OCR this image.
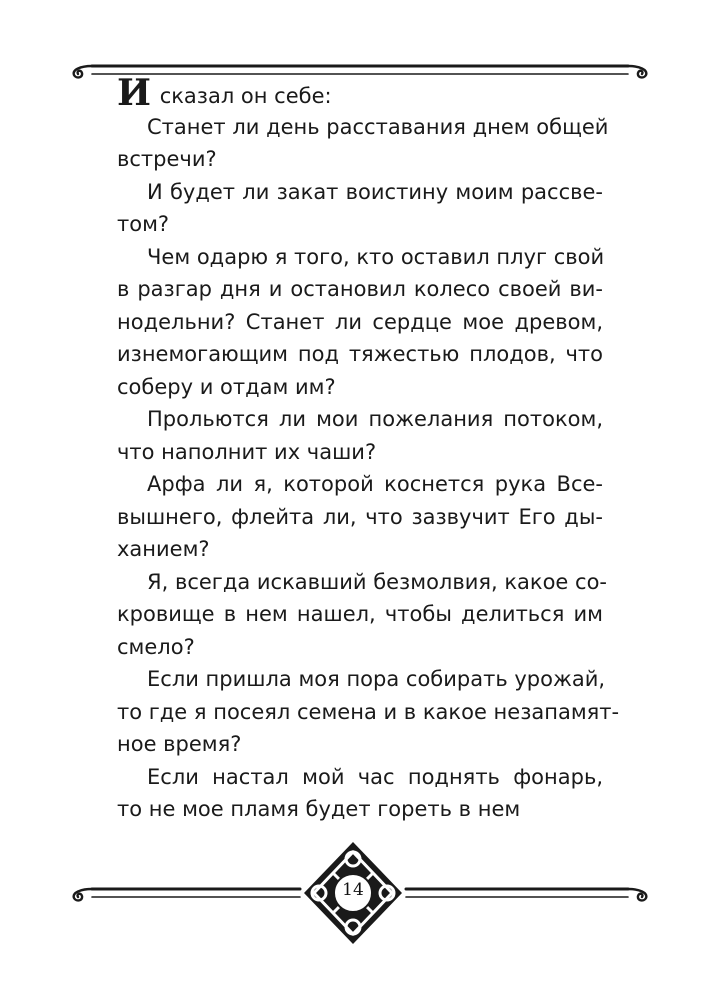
И сказал он себе:
Станет ли день расставания днем общей
встречи?
И будет ли закат воистину моим рассве-
том?
Чем одарю я того, кто оставил плуг свой
в разгар дня и остановил колесо своей ви-
нодельни? Станет ли сердце мое древом,
изнемогающим под тяжестью плодов, что
соберу и отдам им?
Прольются ли мои пожелания потоком,
что наполнит их чаши?
Арфа ли я, которой коснется рука Все-
вышнего, флейта ли, что зазвучит Его ды-
ханием?
Я, всегда искавший безмолвия, какое со-
кровище в нем нашел, чтобы делиться им
смело?
Если пришла моя пора собирать урожай,
то где я посеял семена и в какое незапамят-
ное время?
Если настал мой час поднять фонарь,
то не мое пламя будет гореть в нем
14
